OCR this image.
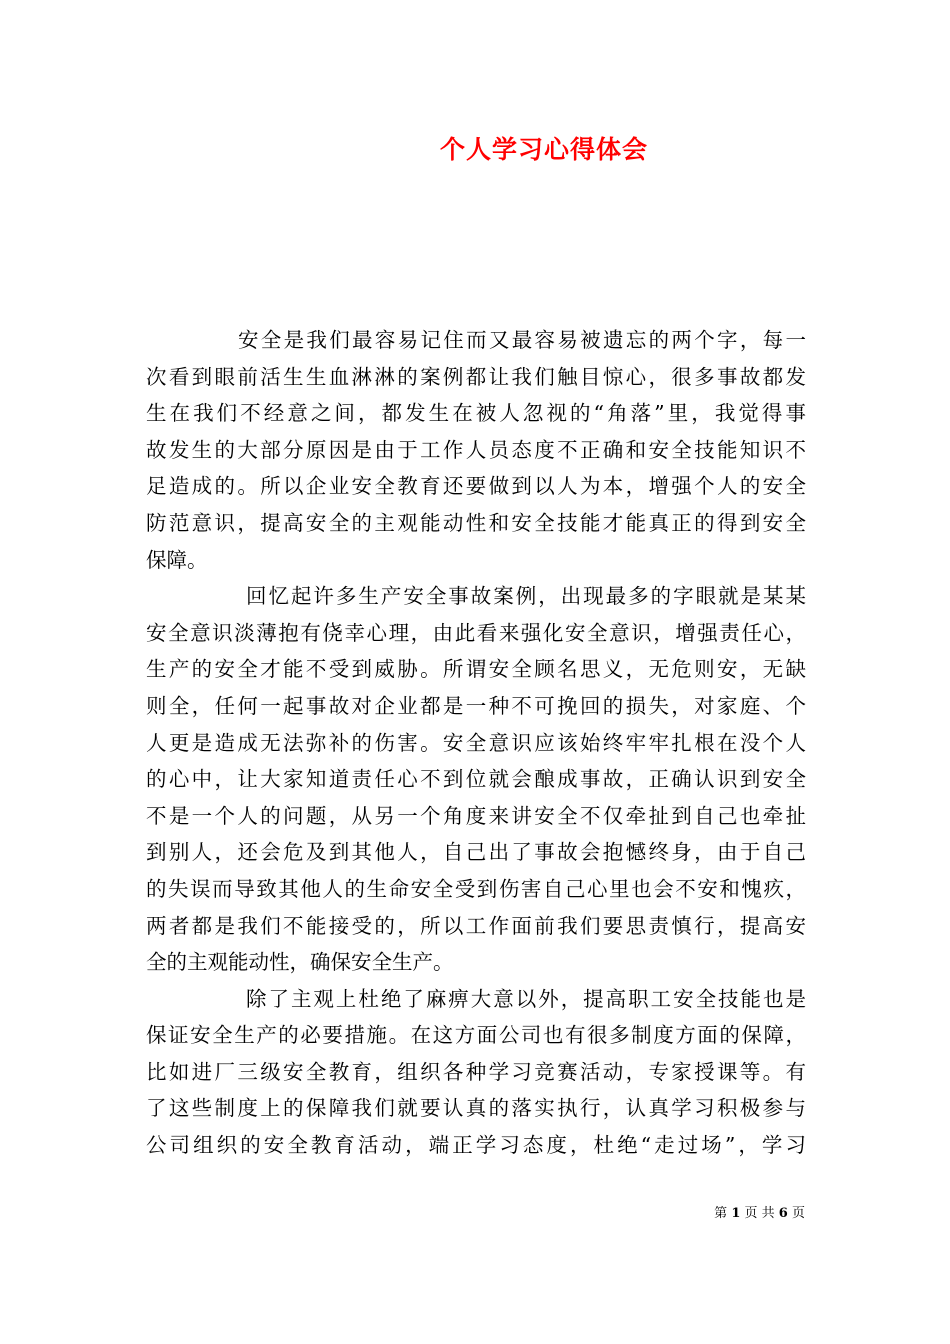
个人学习心得体会
安全是我们最容易记住而又最容易被遗忘的两个字，每一
次看到眼前活生生血淋淋的案例都让我们触目惊心，很多事故都发
生在我们不经意之间，都发生在被人忽视的“角落”里，我觉得事
故发生的大部分原因是由于工作人员态度不正确和安全技能知识不
足造成的。所以企业安全教育还要做到以人为本，增强个人的安全
防范意识，提高安全的主观能动性和安全技能才能真正的得到安全
保障。
回忆起许多生产安全事故案例，出现最多的字眼就是某某
安全意识淡薄抱有侥幸心理，由此看来强化安全意识，增强责任心，
生产的安全才能不受到威胁。所谓安全顾名思义，无危则安，无缺
则全，任何一起事故对企业都是一种不可挽回的损失，对家庭、个
人更是造成无法弥补的伤害。安全意识应该始终牢牢扎根在没个人
的心中，让大家知道责任心不到位就会酿成事故，正确认识到安全
不是一个人的问题，从另一个角度来讲安全不仅牵扯到自己也牵扯
到别人，还会危及到其他人，自己出了事故会抱憾终身，由于自己
的失误而导致其他人的生命安全受到伤害自己心里也会不安和愧疚，
两者都是我们不能接受的，所以工作面前我们要思责慎行，提高安
全的主观能动性，确保安全生产。
除了主观上杜绝了麻痹大意以外，提高职工安全技能也是
保证安全生产的必要措施。在这方面公司也有很多制度方面的保障，
比如进厂三级安全教育，组织各种学习竞赛活动，专家授课等。有
了这些制度上的保障我们就要认真的落实执行，认真学习积极参与
公司组织的安全教育活动，端正学习态度，杜绝“走过场”，学习
第 1 页 共 6 页
